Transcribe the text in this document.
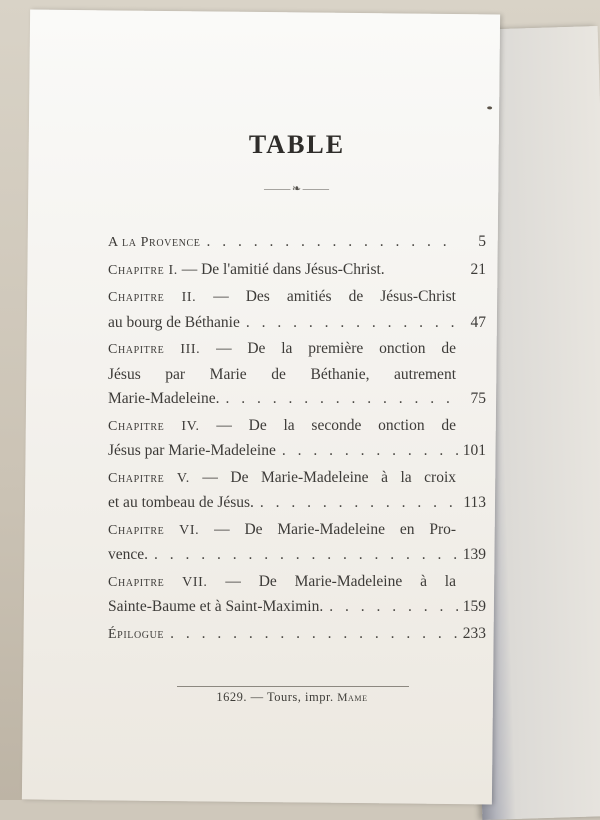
TABLE
⸻❧⸻
A la Provence . . .	5
Chapitre I.
— De l'amitié dans Jésus-Christ.	21
Chapitre II. — Des amitiés de Jésus-Christ
au bourg de Béthanie . . .	47
Chapitre III. — De la première onction de
Jésus par Marie de Béthanie, autrement
Marie-Madeleine. . . .	75
Chapitre IV. — De la seconde onction de
Jésus par Marie-Madeleine . . .	101
Chapitre V. — De Marie-Madeleine à la croix
et au tombeau de Jésus. . . .	113
Chapitre VI. — De Marie-Madeleine en Pro-
vence. . . .	139
Chapitre VII. — De Marie-Madeleine à la
Sainte-Baume et à Saint-Maximin. . . .	159
Épilogue . . .	233
1629. — Tours, impr. Mame
